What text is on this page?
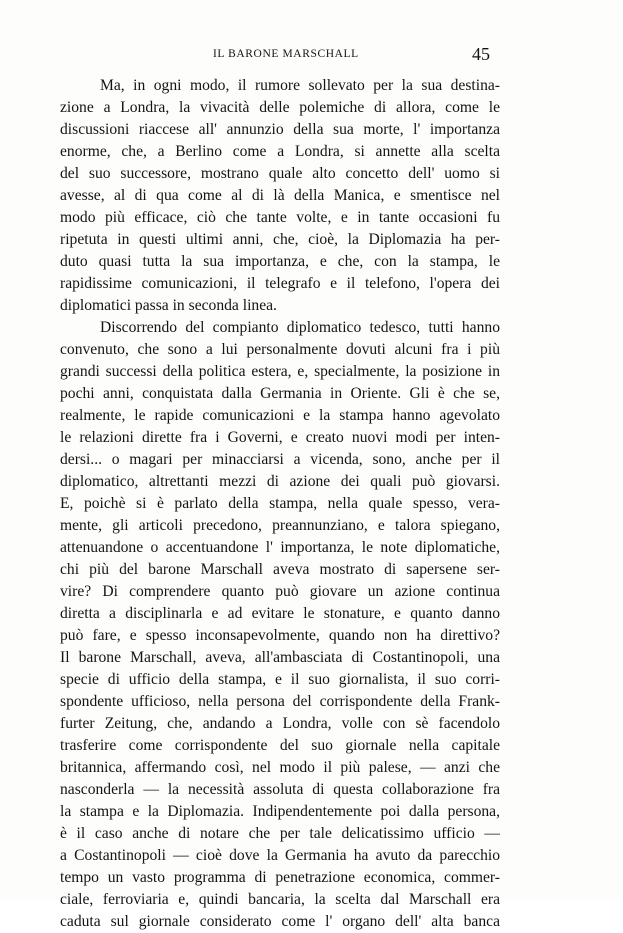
IL BARONE MARSCHALL	45
Ma, in ogni modo, il rumore sollevato per la sua destina-
zione a Londra, la vivacità delle polemiche di allora, come le
discussioni riaccese all' annunzio della sua morte, l' importanza
enorme, che, a Berlino come a Londra, si annette alla scelta
del suo successore, mostrano quale alto concetto dell' uomo si
avesse, al di qua come al di là della Manica, e smentisce nel
modo più efficace, ciò che tante volte, e in tante occasioni fu
ripetuta in questi ultimi anni, che, cioè, la Diplomazia ha per-
duto quasi tutta la sua importanza, e che, con la stampa, le
rapidissime comunicazioni, il telegrafo e il telefono, l'opera dei
diplomatici passa in seconda linea.
Discorrendo del compianto diplomatico tedesco, tutti hanno
convenuto, che sono a lui personalmente dovuti alcuni fra i più
grandi successi della politica estera, e, specialmente, la posizione in
pochi anni, conquistata dalla Germania in Oriente. Gli è che se,
realmente, le rapide comunicazioni e la stampa hanno agevolato
le relazioni dirette fra i Governi, e creato nuovi modi per inten-
dersi... o magari per minacciarsi a vicenda, sono, anche per il
diplomatico, altrettanti mezzi di azione dei quali può giovarsi.
E, poichè si è parlato della stampa, nella quale spesso, vera-
mente, gli articoli precedono, preannunziano, e talora spiegano,
attenuandone o accentuandone l' importanza, le note diplomatiche,
chi più del barone Marschall aveva mostrato di sapersene ser-
vire? Di comprendere quanto può giovare un azione continua
diretta a disciplinarla e ad evitare le stonature, e quanto danno
può fare, e spesso inconsapevolmente, quando non ha direttivo?
Il barone Marschall, aveva, all'ambasciata di Costantinopoli, una
specie di ufficio della stampa, e il suo giornalista, il suo corri-
spondente ufficioso, nella persona del corrispondente della Frank-
furter Zeitung, che, andando a Londra, volle con sè facendolo
trasferire come corrispondente del suo giornale nella capitale
britannica, affermando così, nel modo il più palese, — anzi che
nasconderla — la necessità assoluta di questa collaborazione fra
la stampa e la Diplomazia. Indipendentemente poi dalla persona,
è il caso anche di notare che per tale delicatissimo ufficio —
a Costantinopoli — cioè dove la Germania ha avuto da parecchio
tempo un vasto programma di penetrazione economica, commer-
ciale, ferroviaria e, quindi bancaria, la scelta dal Marschall era
caduta sul giornale considerato come l' organo dell' alta banca
